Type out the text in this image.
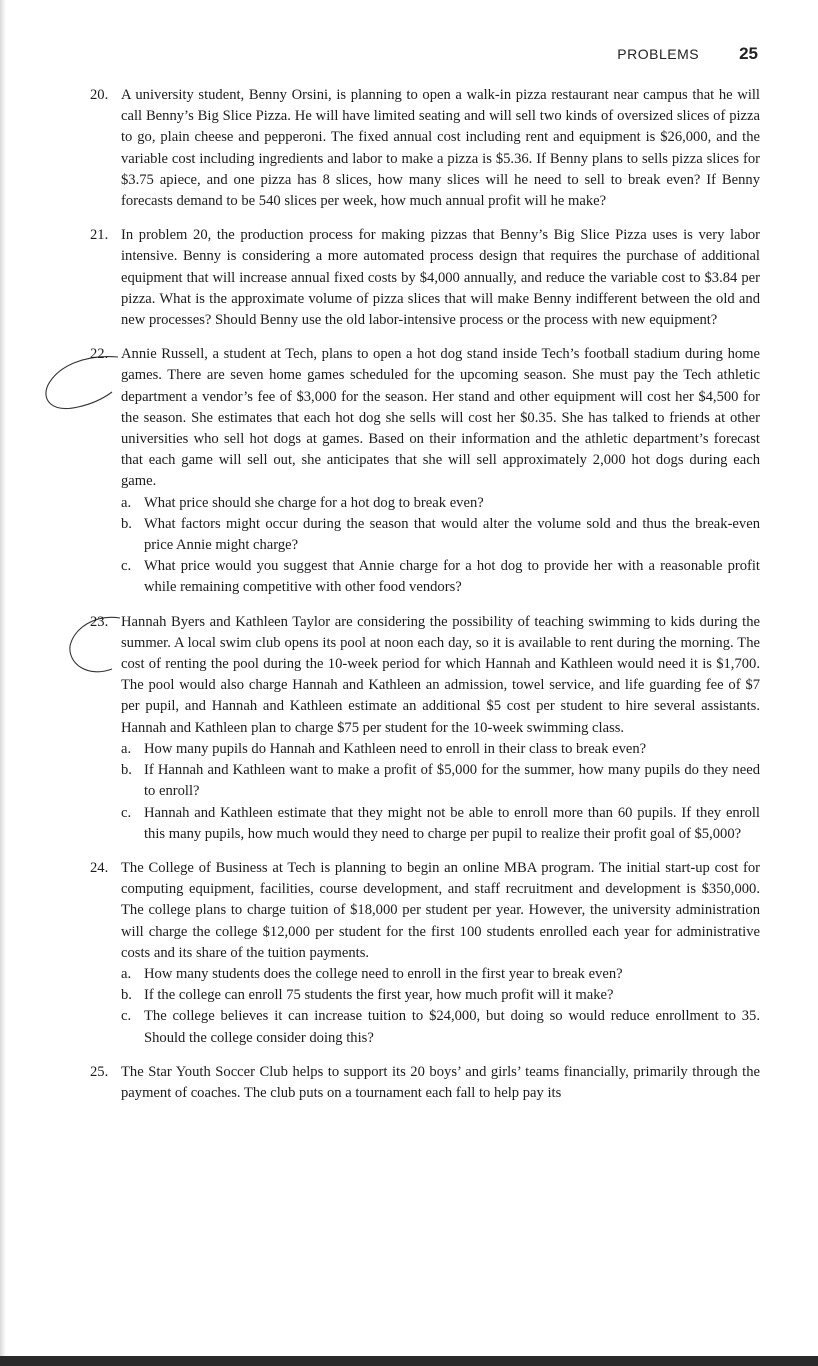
PROBLEMS 25
20. A university student, Benny Orsini, is planning to open a walk-in pizza restaurant near campus that he will call Benny’s Big Slice Pizza. He will have limited seating and will sell two kinds of oversized slices of pizza to go, plain cheese and pepperoni. The fixed annual cost including rent and equipment is $26,000, and the variable cost including ingredients and labor to make a pizza is $5.36. If Benny plans to sells pizza slices for $3.75 apiece, and one pizza has 8 slices, how many slices will he need to sell to break even? If Benny forecasts demand to be 540 slices per week, how much annual profit will he make?
21. In problem 20, the production process for making pizzas that Benny’s Big Slice Pizza uses is very labor intensive. Benny is considering a more automated process design that requires the purchase of additional equipment that will increase annual fixed costs by $4,000 annually, and reduce the variable cost to $3.84 per pizza. What is the approximate volume of pizza slices that will make Benny indifferent between the old and new processes? Should Benny use the old labor-intensive process or the process with new equipment?
22. Annie Russell, a student at Tech, plans to open a hot dog stand inside Tech’s football stadium during home games. There are seven home games scheduled for the upcoming season. She must pay the Tech athletic department a vendor’s fee of $3,000 for the season. Her stand and other equipment will cost her $4,500 for the season. She estimates that each hot dog she sells will cost her $0.35. She has talked to friends at other universities who sell hot dogs at games. Based on their information and the athletic department’s forecast that each game will sell out, she anticipates that she will sell approximately 2,000 hot dogs during each game.
a. What price should she charge for a hot dog to break even?
b. What factors might occur during the season that would alter the volume sold and thus the break-even price Annie might charge?
c. What price would you suggest that Annie charge for a hot dog to provide her with a reasonable profit while remaining competitive with other food vendors?
23. Hannah Byers and Kathleen Taylor are considering the possibility of teaching swimming to kids during the summer. A local swim club opens its pool at noon each day, so it is available to rent during the morning. The cost of renting the pool during the 10-week period for which Hannah and Kathleen would need it is $1,700. The pool would also charge Hannah and Kathleen an admission, towel service, and life guarding fee of $7 per pupil, and Hannah and Kathleen estimate an additional $5 cost per student to hire several assistants. Hannah and Kathleen plan to charge $75 per student for the 10-week swimming class.
a. How many pupils do Hannah and Kathleen need to enroll in their class to break even?
b. If Hannah and Kathleen want to make a profit of $5,000 for the summer, how many pupils do they need to enroll?
c. Hannah and Kathleen estimate that they might not be able to enroll more than 60 pupils. If they enroll this many pupils, how much would they need to charge per pupil to realize their profit goal of $5,000?
24. The College of Business at Tech is planning to begin an online MBA program. The initial start-up cost for computing equipment, facilities, course development, and staff recruitment and development is $350,000. The college plans to charge tuition of $18,000 per student per year. However, the university administration will charge the college $12,000 per student for the first 100 students enrolled each year for administrative costs and its share of the tuition payments.
a. How many students does the college need to enroll in the first year to break even?
b. If the college can enroll 75 students the first year, how much profit will it make?
c. The college believes it can increase tuition to $24,000, but doing so would reduce enrollment to 35. Should the college consider doing this?
25. The Star Youth Soccer Club helps to support its 20 boys’ and girls’ teams financially, primarily through the payment of coaches. The club puts on a tournament each fall to help pay its
